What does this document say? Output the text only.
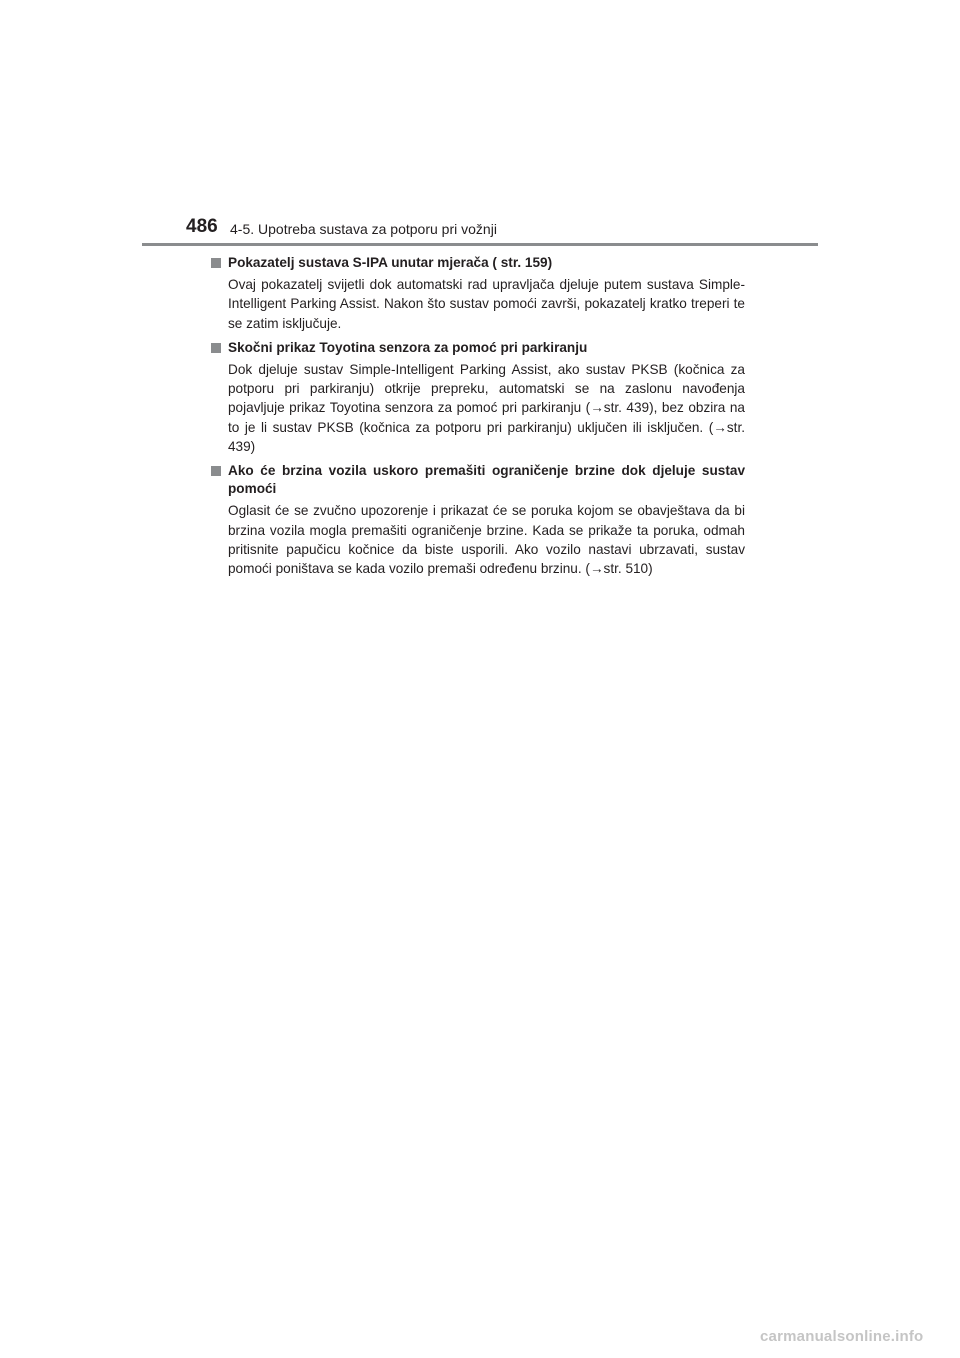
486 4-5. Upotreba sustava za potporu pri vožnji
Pokazatelj sustava S-IPA unutar mjerača ( str. 159)
Ovaj pokazatelj svijetli dok automatski rad upravljača djeluje putem sustava Simple-Intelligent Parking Assist. Nakon što sustav pomoći završi, pokazatelj kratko treperi te se zatim isključuje.
Skočni prikaz Toyotina senzora za pomoć pri parkiranju
Dok djeluje sustav Simple-Intelligent Parking Assist, ako sustav PKSB (kočnica za potporu pri parkiranju) otkrije prepreku, automatski se na zaslonu navođenja pojavljuje prikaz Toyotina senzora za pomoć pri parkiranju (→str. 439), bez obzira na to je li sustav PKSB (kočnica za potporu pri parkiranju) uključen ili isključen. (→str. 439)
Ako će brzina vozila uskoro premašiti ograničenje brzine dok djeluje sustav pomoći
Oglasit će se zvučno upozorenje i prikazat će se poruka kojom se obavještava da bi brzina vozila mogla premašiti ograničenje brzine. Kada se prikaže ta poruka, odmah pritisnite papučicu kočnice da biste usporili. Ako vozilo nastavi ubrzavati, sustav pomoći poništava se kada vozilo premaši određenu brzinu. (→str. 510)
carmanualsonline.info
